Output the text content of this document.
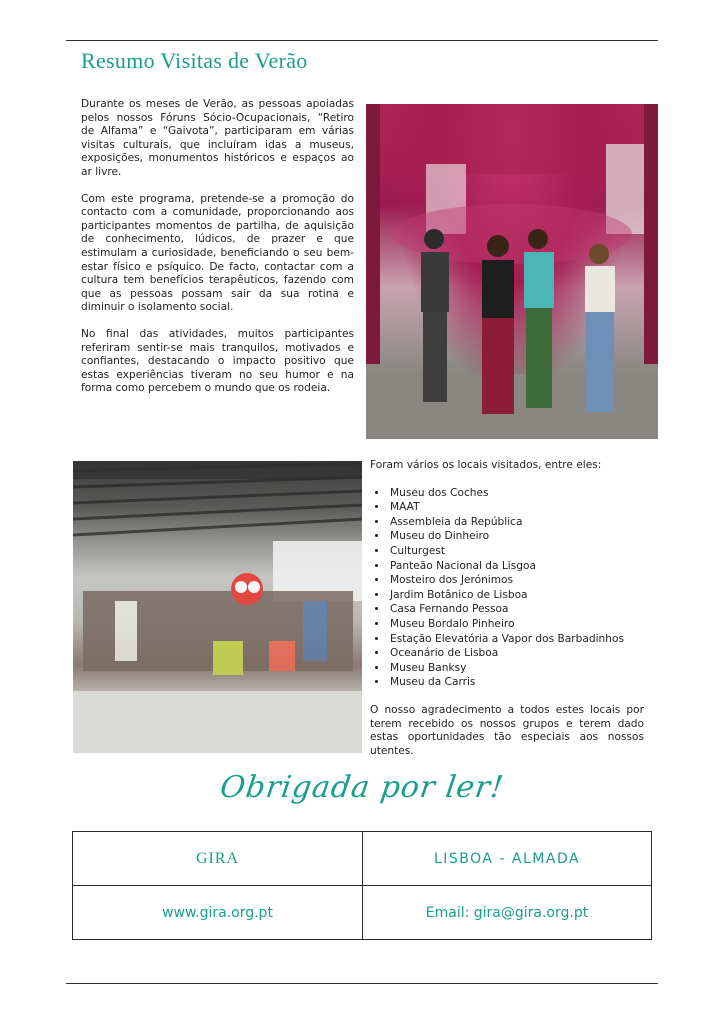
Resumo Visitas de Verão

Durante os meses de Verão, as pessoas apoiadas pelos nossos Fóruns Sócio-Ocupacionais, “Retiro de Alfama” e “Gaivota”, participaram em várias visitas culturais, que incluíram idas a museus, exposições, monumentos históricos e espaços ao ar livre.

Com este programa, pretende-se a promoção do contacto com a comunidade, proporcionando aos participantes momentos de partilha, de aquisição de conhecimento, lúdicos, de prazer e que estimulam a curiosidade, beneficiando o seu bem-estar físico e psíquico. De facto, contactar com a cultura tem benefícios terapêuticos, fazendo com que as pessoas possam sair da sua rotina e diminuir o isolamento social.

No final das atividades, muitos participantes referiram sentir-se mais tranquilos, motivados e confiantes, destacando o impacto positivo que estas experiências tiveram no seu humor e na forma como percebem o mundo que os rodeia.

Foram vários os locais visitados, entre eles:

• Museu dos Coches
• MAAT
• Assembleia da República
• Museu do Dinheiro
• Culturgest
• Panteão Nacional da Lisgoa
• Mosteiro dos Jerónimos
• Jardim Botânico de Lisboa
• Casa Fernando Pessoa
• Museu Bordalo Pinheiro
• Estação Elevatória a Vapor dos Barbadinhos
• Oceanário de Lisboa
• Museu Banksy
• Museu da Carris

O nosso agradecimento a todos estes locais por terem recebido os nossos grupos e terem dado estas oportunidades tão especiais aos nossos utentes.

Obrigada por ler!
GIRA	LISBOA - ALMADA
www.gira.org.pt	Email: gira@gira.org.pt
